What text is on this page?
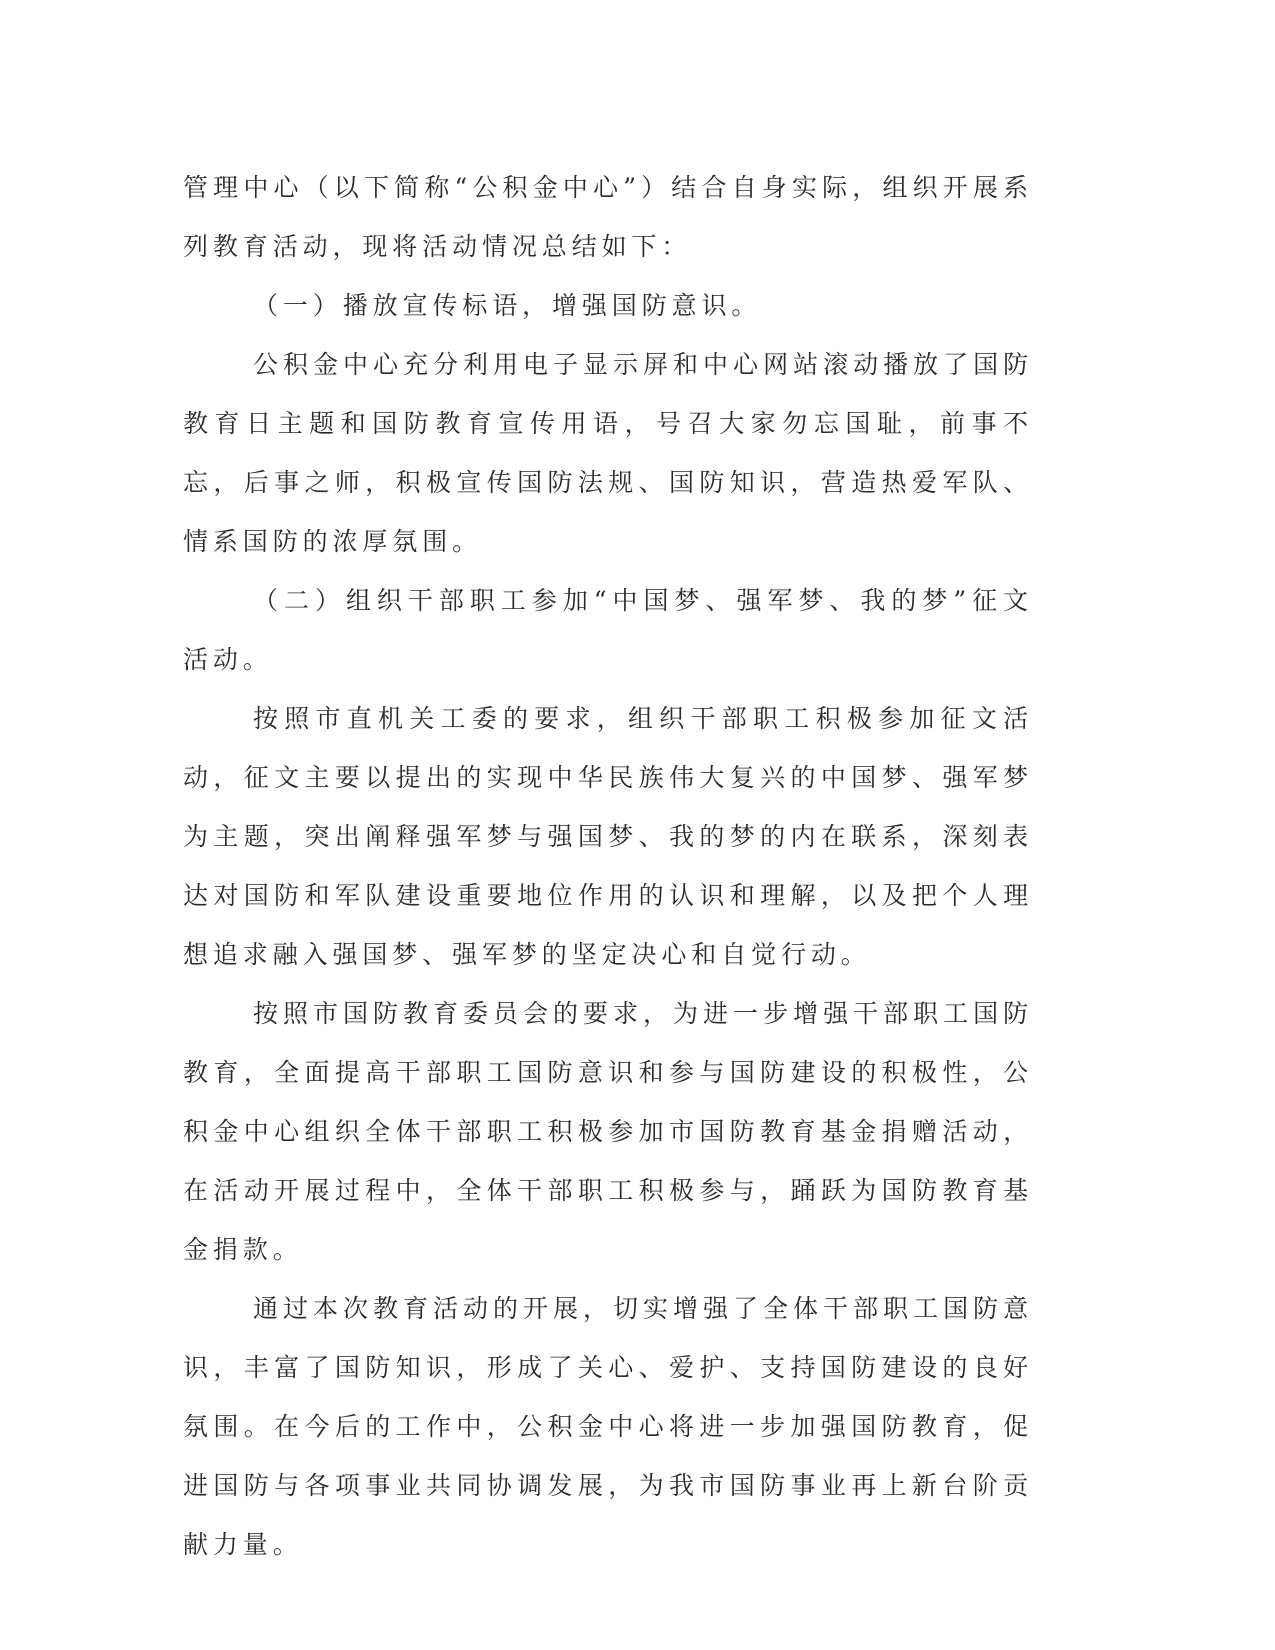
管理中心（以下简称“公积金中心”）结合自身实际，组织开展系列教育活动，现将活动情况总结如下：

（一）播放宣传标语，增强国防意识。

公积金中心充分利用电子显示屏和中心网站滚动播放了国防教育日主题和国防教育宣传用语，号召大家勿忘国耻，前事不忘，后事之师，积极宣传国防法规、国防知识，营造热爱军队、情系国防的浓厚氛围。

（二）组织干部职工参加“中国梦、强军梦、我的梦”征文活动。

按照市直机关工委的要求，组织干部职工积极参加征文活动，征文主要以提出的实现中华民族伟大复兴的中国梦、强军梦为主题，突出阐释强军梦与强国梦、我的梦的内在联系，深刻表达对国防和军队建设重要地位作用的认识和理解，以及把个人理想追求融入强国梦、强军梦的坚定决心和自觉行动。

按照市国防教育委员会的要求，为进一步增强干部职工国防教育，全面提高干部职工国防意识和参与国防建设的积极性，公积金中心组织全体干部职工积极参加市国防教育基金捐赠活动，在活动开展过程中，全体干部职工积极参与，踊跃为国防教育基金捐款。

通过本次教育活动的开展，切实增强了全体干部职工国防意识，丰富了国防知识，形成了关心、爱护、支持国防建设的良好氛围。在今后的工作中，公积金中心将进一步加强国防教育，促进国防与各项事业共同协调发展，为我市国防事业再上新台阶贡献力量。
